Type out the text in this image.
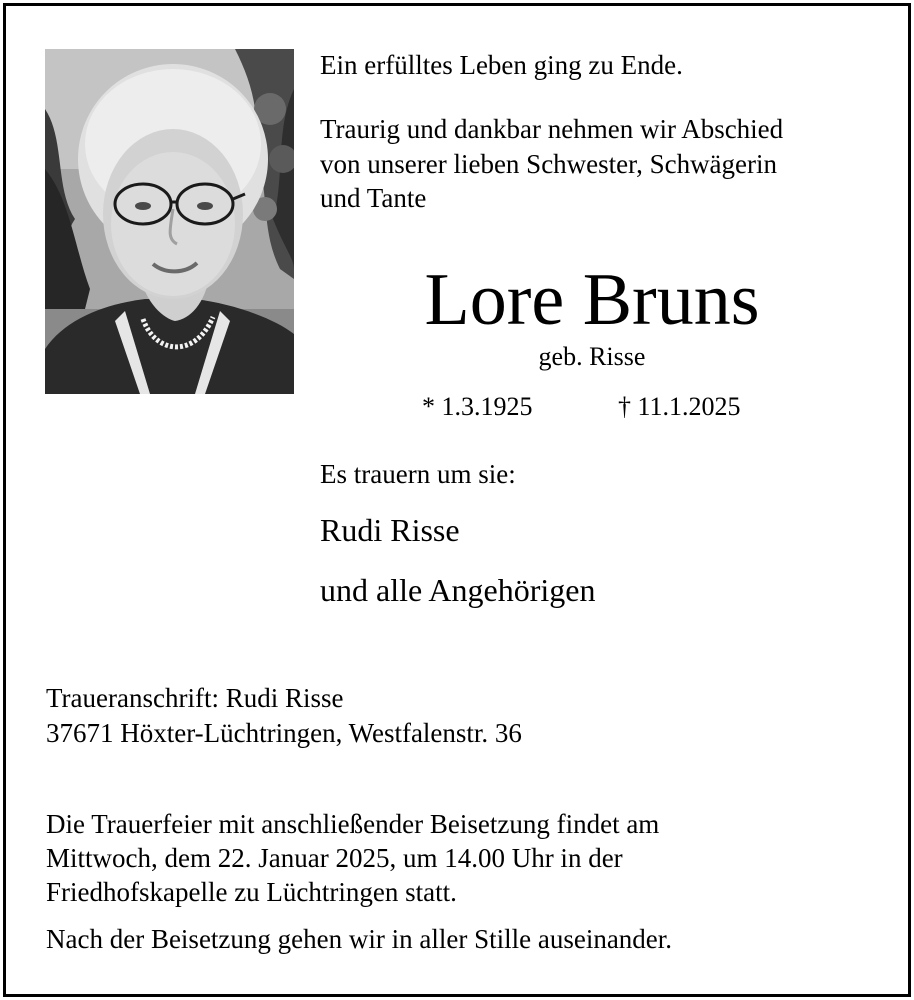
Ein erfülltes Leben ging zu Ende.

Traurig und dankbar nehmen wir Abschied
von unserer lieben Schwester, Schwägerin
und Tante

Lore Bruns

geb. Risse

* 1.3.1925	† 11.1.2025

Es trauern um sie:

Rudi Risse

und alle Angehörigen

Traueranschrift: Rudi Risse
37671 Höxter-Lüchtringen, Westfalenstr. 36

Die Trauerfeier mit anschließender Beisetzung findet am
Mittwoch, dem 22. Januar 2025, um 14.00 Uhr in der
Friedhofskapelle zu Lüchtringen statt.

Nach der Beisetzung gehen wir in aller Stille auseinander.
